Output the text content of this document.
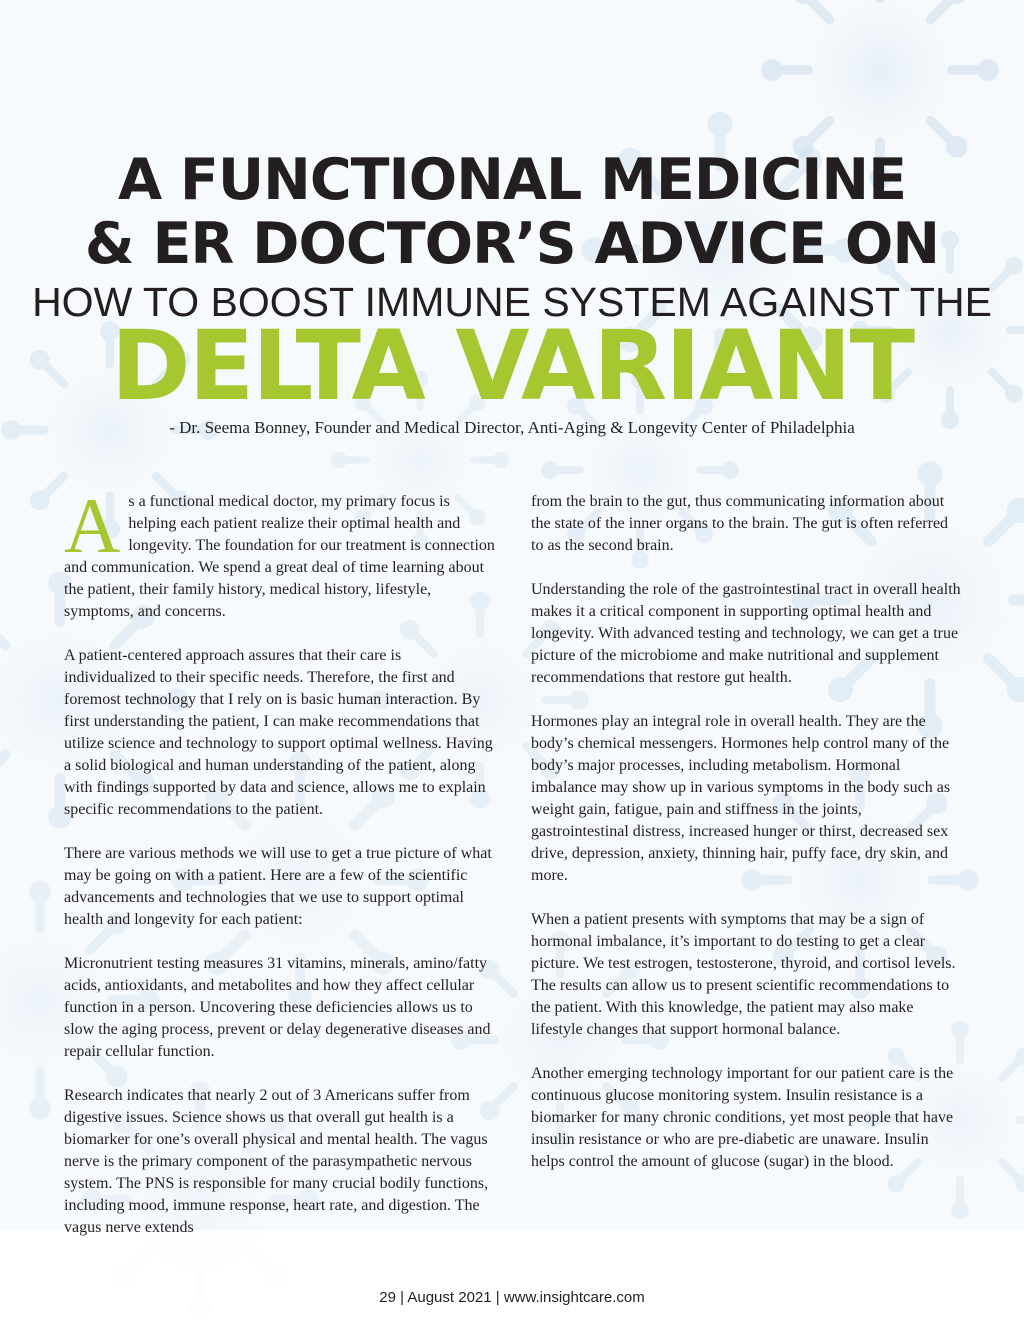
A FUNCTIONAL MEDICINE
& ER DOCTOR’S ADVICE ON
HOW TO BOOST IMMUNE SYSTEM AGAINST THE
DELTA VARIANT
- Dr. Seema Bonney, Founder and Medical Director, Anti-Aging & Longevity Center of Philadelphia

As a functional medical doctor, my primary focus is helping each patient realize their optimal health and longevity. The foundation for our treatment is connection and communication. We spend a great deal of time learning about the patient, their family history, medical history, lifestyle, symptoms, and concerns.

A patient-centered approach assures that their care is individualized to their specific needs. Therefore, the first and foremost technology that I rely on is basic human interaction. By first understanding the patient, I can make recommendations that utilize science and technology to support optimal wellness. Having a solid biological and human understanding of the patient, along with findings supported by data and science, allows me to explain specific recommendations to the patient.

There are various methods we will use to get a true picture of what may be going on with a patient. Here are a few of the scientific advancements and technologies that we use to support optimal health and longevity for each patient:

Micronutrient testing measures 31 vitamins, minerals, amino/fatty acids, antioxidants, and metabolites and how they affect cellular function in a person. Uncovering these deficiencies allows us to slow the aging process, prevent or delay degenerative diseases and repair cellular function.

Research indicates that nearly 2 out of 3 Americans suffer from digestive issues. Science shows us that overall gut health is a biomarker for one’s overall physical and mental health. The vagus nerve is the primary component of the parasympathetic nervous system. The PNS is responsible for many crucial bodily functions, including mood, immune response, heart rate, and digestion. The vagus nerve extends

from the brain to the gut, thus communicating information about the state of the inner organs to the brain. The gut is often referred to as the second brain.

Understanding the role of the gastrointestinal tract in overall health makes it a critical component in supporting optimal health and longevity. With advanced testing and technology, we can get a true picture of the microbiome and make nutritional and supplement recommendations that restore gut health.

Hormones play an integral role in overall health. They are the body’s chemical messengers. Hormones help control many of the body’s major processes, including metabolism. Hormonal imbalance may show up in various symptoms in the body such as weight gain, fatigue, pain and stiffness in the joints, gastrointestinal distress, increased hunger or thirst, decreased sex drive, depression, anxiety, thinning hair, puffy face, dry skin, and more.

When a patient presents with symptoms that may be a sign of hormonal imbalance, it’s important to do testing to get a clear picture. We test estrogen, testosterone, thyroid, and cortisol levels. The results can allow us to present scientific recommendations to the patient. With this knowledge, the patient may also make lifestyle changes that support hormonal balance.

Another emerging technology important for our patient care is the continuous glucose monitoring system. Insulin resistance is a biomarker for many chronic conditions, yet most people that have insulin resistance or who are pre-diabetic are unaware. Insulin helps control the amount of glucose (sugar) in the blood.

29 | August 2021 | www.insightcare.com
